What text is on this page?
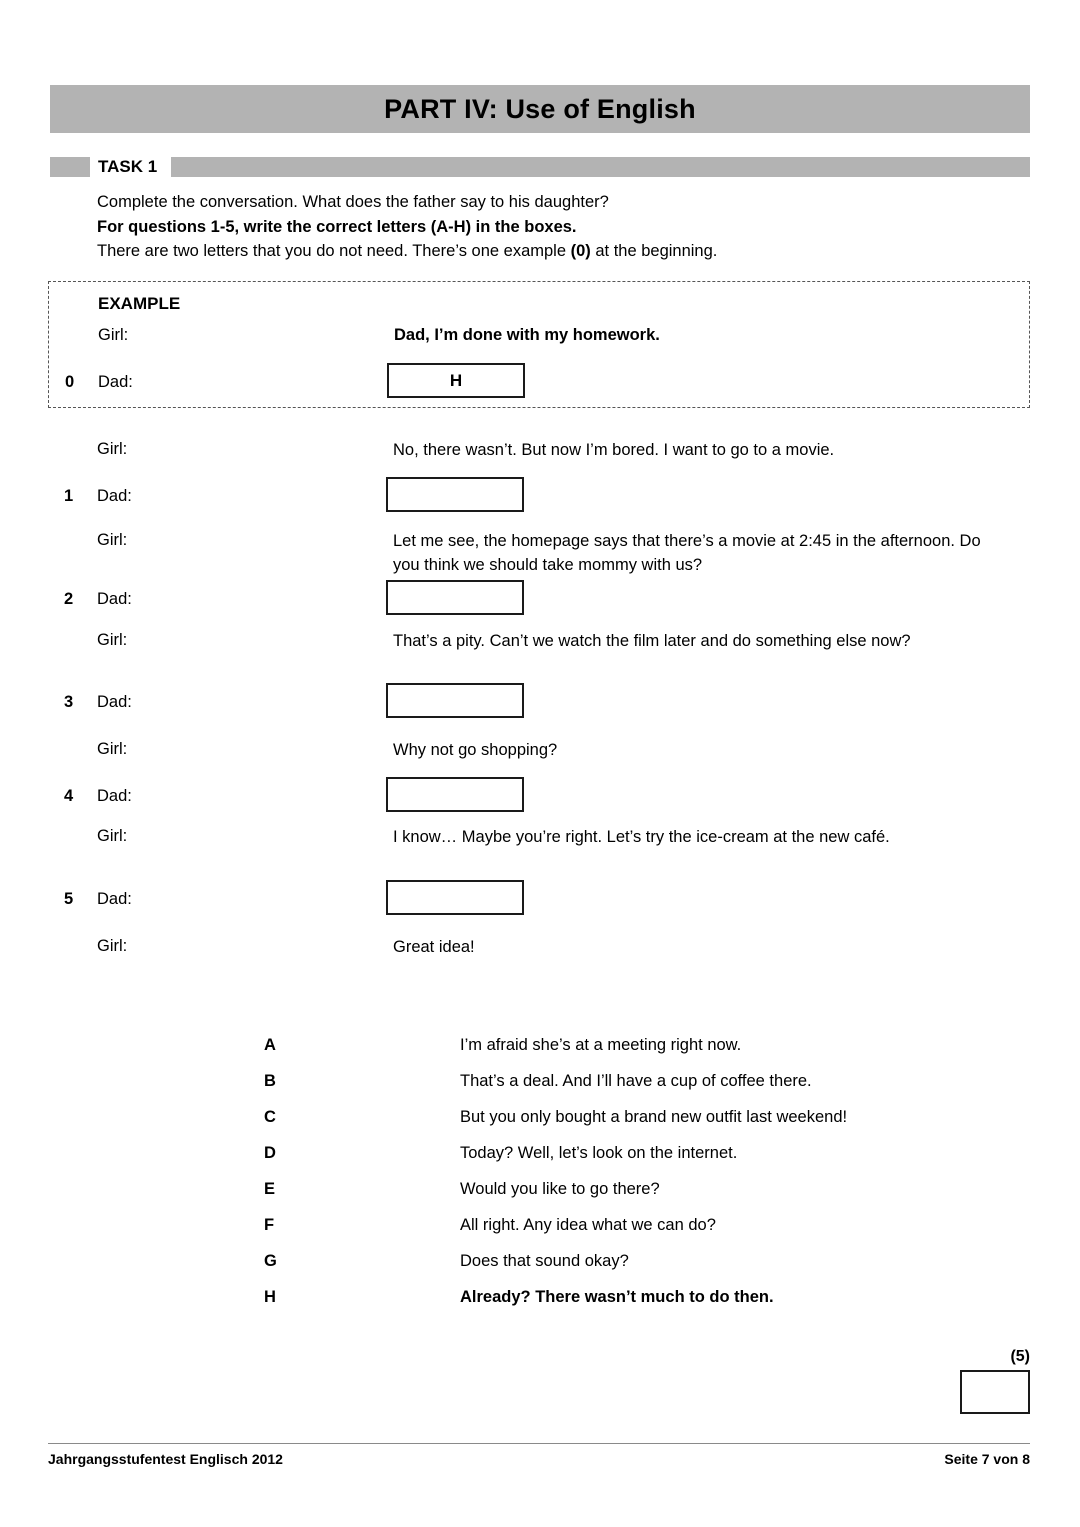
PART IV: Use of English
TASK 1
Complete the conversation. What does the father say to his daughter?
For questions 1-5, write the correct letters (A-H) in the boxes.
There are two letters that you do not need. There’s one example (0) at the beginning.
EXAMPLE
Girl:	Dad, I’m done with my homework.
0 Dad:	H
Girl:	No, there wasn’t. But now I’m bored. I want to go to a movie.
1 Dad:
Girl:	Let me see, the homepage says that there’s a movie at 2:45 in the afternoon. Do you think we should take mommy with us?
2 Dad:
Girl:	That’s a pity. Can’t we watch the film later and do something else now?
3 Dad:
Girl:	Why not go shopping?
4 Dad:
Girl:	I know… Maybe you’re right. Let’s try the ice-cream at the new café.
5 Dad:
Girl:	Great idea!
A	I’m afraid she’s at a meeting right now.
B	That’s a deal. And I’ll have a cup of coffee there.
C	But you only bought a brand new outfit last weekend!
D	Today? Well, let’s look on the internet.
E	Would you like to go there?
F	All right. Any idea what we can do?
G	Does that sound okay?
H	Already? There wasn’t much to do then.
(5)
Jahrgangsstufentest Englisch 2012	Seite 7 von 8
